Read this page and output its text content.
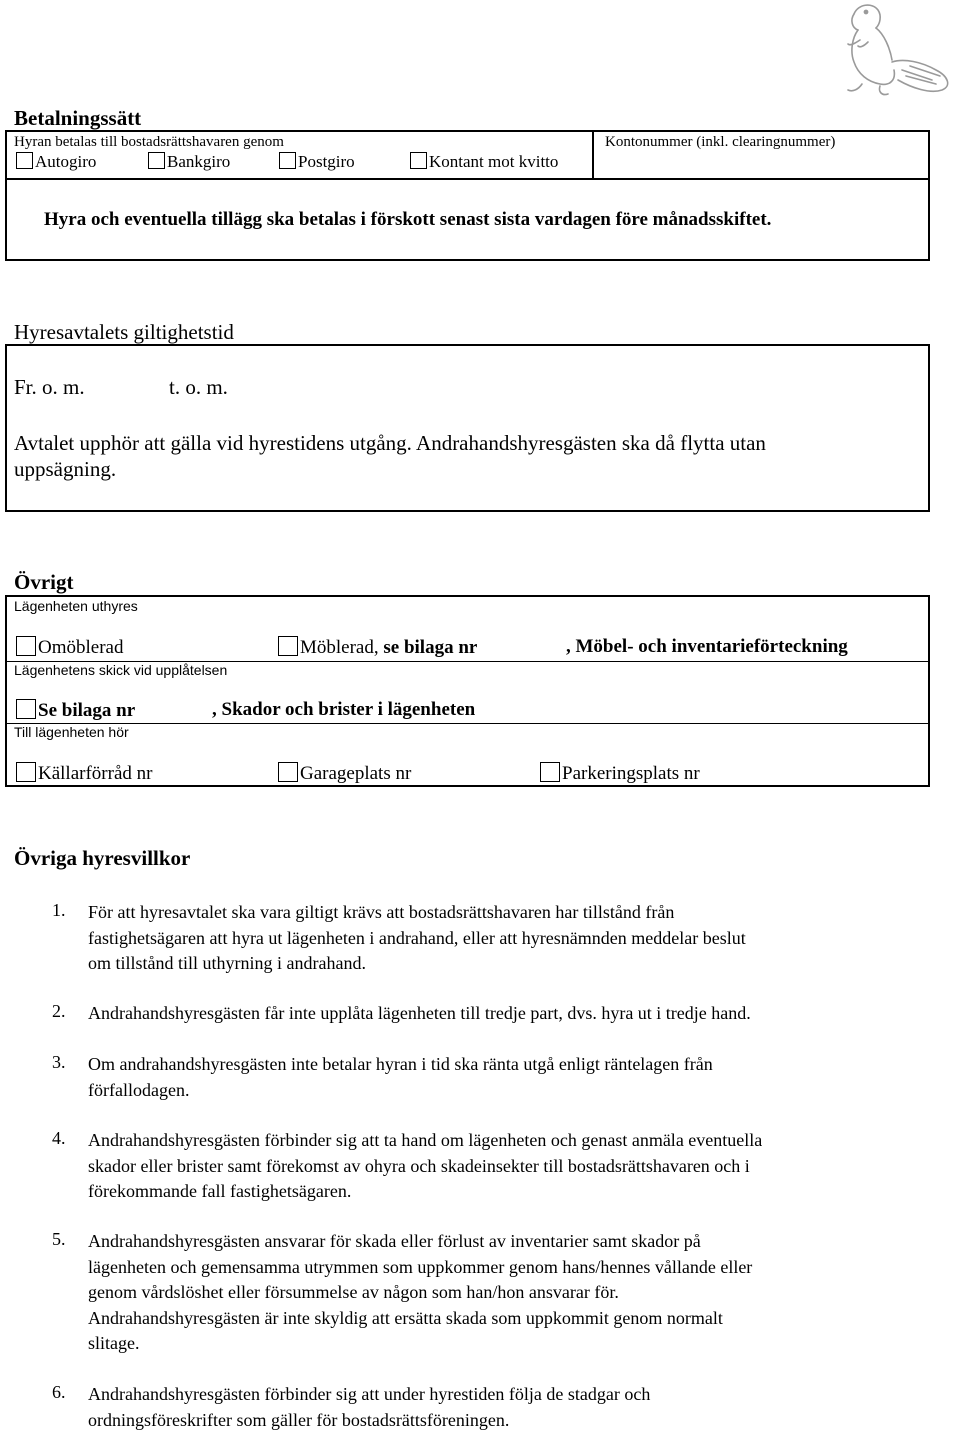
Betalningssätt
Hyran betalas till bostadsrättshavaren genom	Kontonummer (inkl. clearingnummer)
Autogiro	Bankgiro	Postgiro	Kontant mot kvitto
Hyra och eventuella tillägg ska betalas i förskott senast sista vardagen före månadsskiftet.
Hyresavtalets giltighetstid
Fr. o. m.	t. o. m.
Avtalet upphör att gälla vid hyrestidens utgång. Andrahandshyresgästen ska då flytta utan
uppsägning.
Övrigt
Lägenheten uthyres
Omöblerad	Möblerad, se bilaga nr	, Möbel- och inventarieförteckning
Lägenhetens skick vid upplåtelsen
Se bilaga nr	, Skador och brister i lägenheten
Till lägenheten hör
Källarförråd nr	Garageplats nr	Parkeringsplats nr
Övriga hyresvillkor
1. För att hyresavtalet ska vara giltigt krävs att bostadsrättshavaren har tillstånd från
fastighetsägaren att hyra ut lägenheten i andrahand, eller att hyresnämnden meddelar beslut
om tillstånd till uthyrning i andrahand.
2. Andrahandshyresgästen får inte upplåta lägenheten till tredje part, dvs. hyra ut i tredje hand.
3. Om andrahandshyresgästen inte betalar hyran i tid ska ränta utgå enligt räntelagen från
förfallodagen.
4. Andrahandshyresgästen förbinder sig att ta hand om lägenheten och genast anmäla eventuella
skador eller brister samt förekomst av ohyra och skadeinsekter till bostadsrättshavaren och i
förekommande fall fastighetsägaren.
5. Andrahandshyresgästen ansvarar för skada eller förlust av inventarier samt skador på
lägenheten och gemensamma utrymmen som uppkommer genom hans/hennes vållande eller
genom vårdslöshet eller försummelse av någon som han/hon ansvarar för.
Andrahandshyresgästen är inte skyldig att ersätta skada som uppkommit genom normalt
slitage.
6. Andrahandshyresgästen förbinder sig att under hyrestiden följa de stadgar och
ordningsföreskrifter som gäller för bostadsrättsföreningen.
